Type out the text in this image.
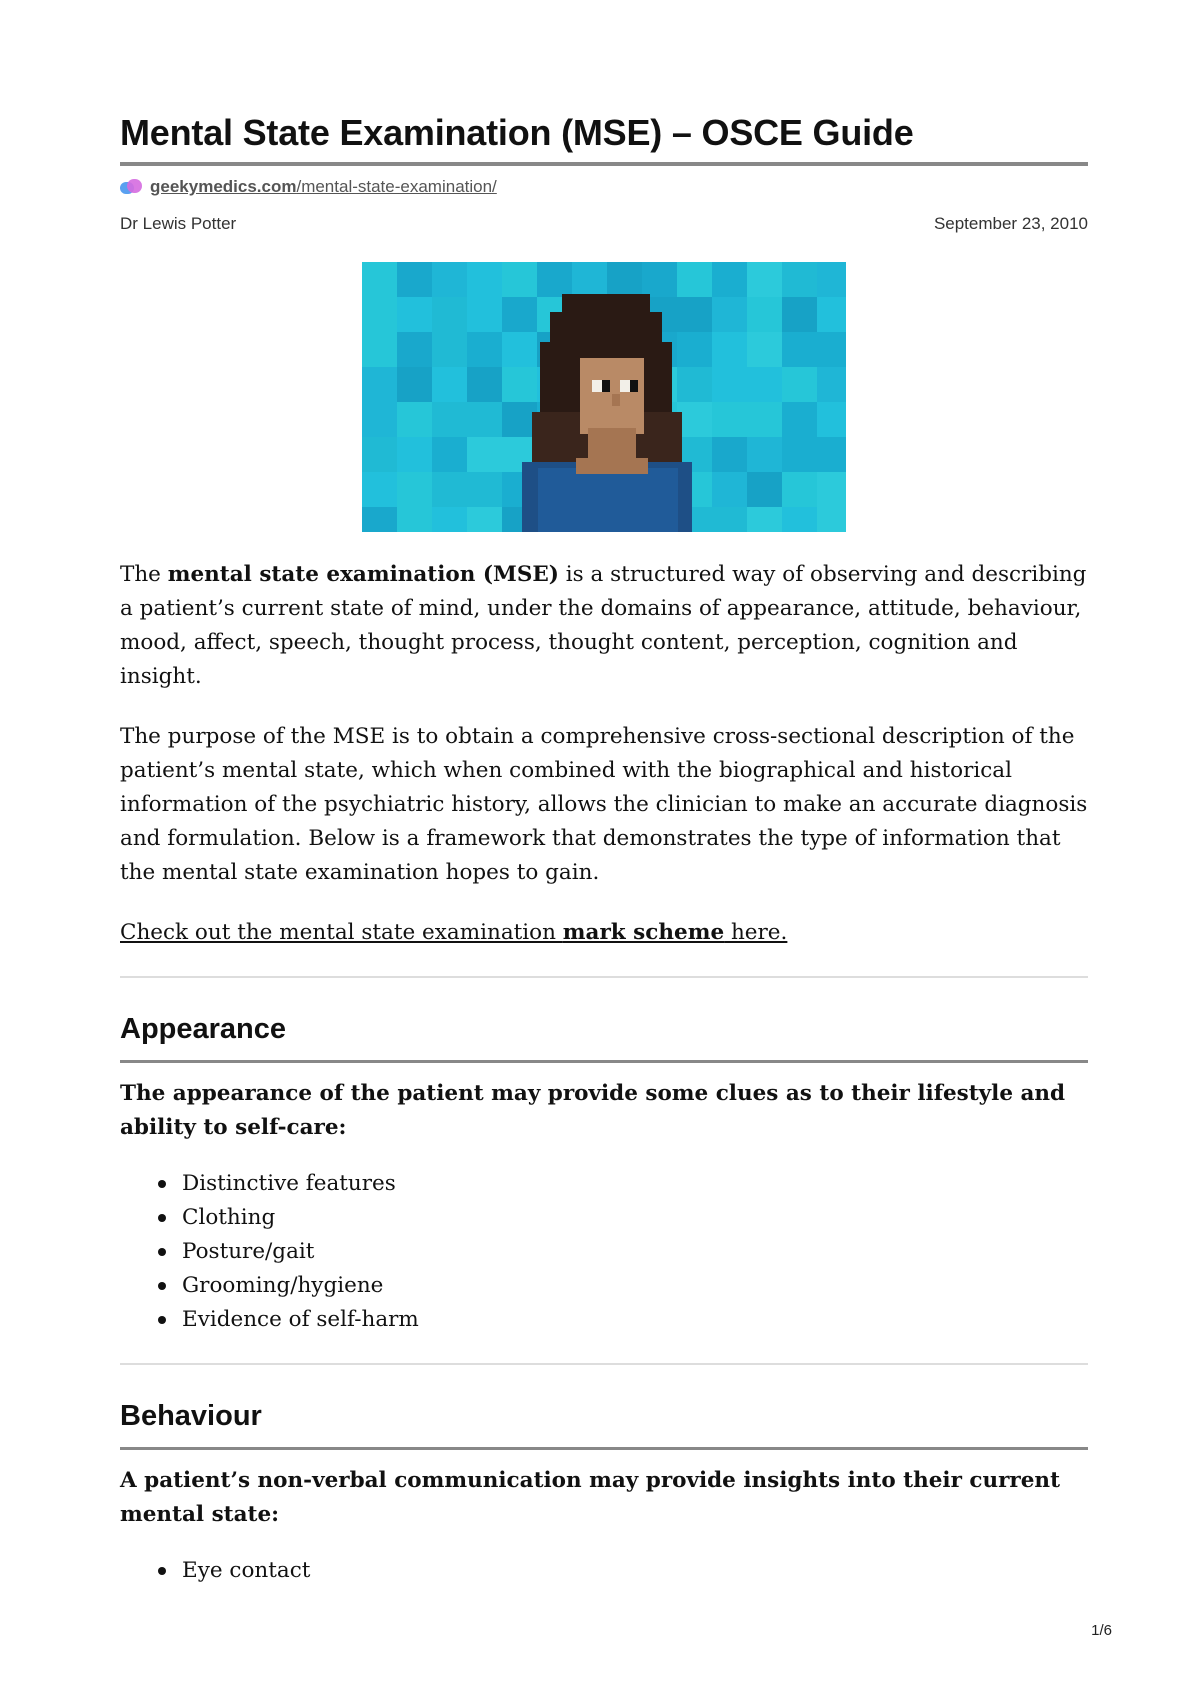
Mental State Examination (MSE) – OSCE Guide
geekymedics.com/mental-state-examination/
Dr Lewis Potter	September 23, 2010

The mental state examination (MSE) is a structured way of observing and describing a patient’s current state of mind, under the domains of appearance, attitude, behaviour, mood, affect, speech, thought process, thought content, perception, cognition and insight.

The purpose of the MSE is to obtain a comprehensive cross-sectional description of the patient’s mental state, which when combined with the biographical and historical information of the psychiatric history, allows the clinician to make an accurate diagnosis and formulation. Below is a framework that demonstrates the type of information that the mental state examination hopes to gain.

Check out the mental state examination mark scheme here.
Appearance

The appearance of the patient may provide some clues as to their lifestyle and ability to self-care:

Distinctive features
Clothing
Posture/gait
Grooming/hygiene
Evidence of self-harm
Behaviour

A patient’s non-verbal communication may provide insights into their current mental state:

Eye contact
1/6
